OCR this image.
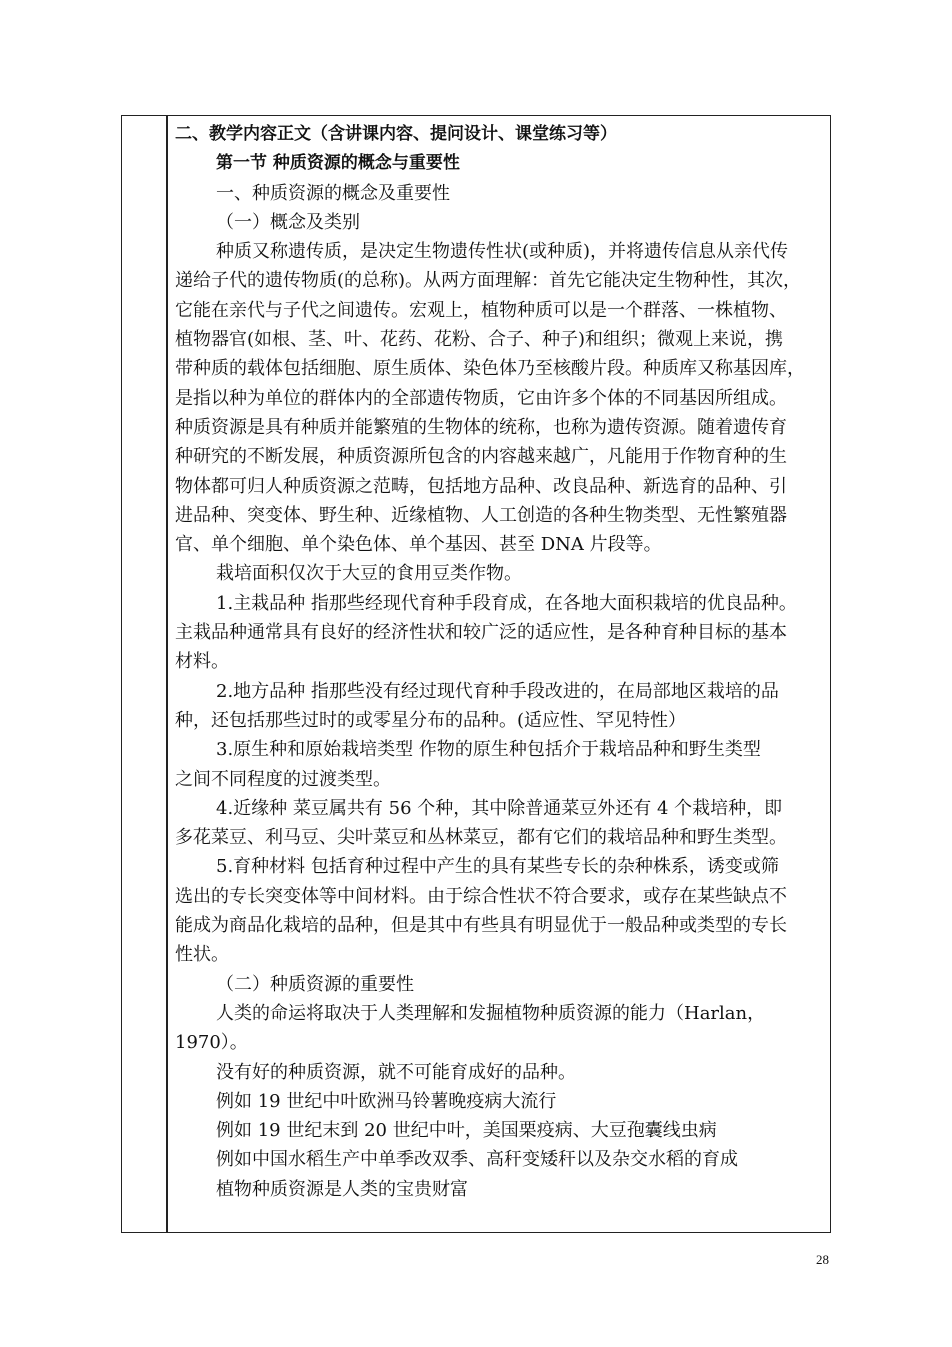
二、教学内容正文（含讲课内容、提问设计、课堂练习等）

第一节 种质资源的概念与重要性

一、种质资源的概念及重要性

（一）概念及类别

种质又称遗传质，是决定生物遗传性状(或种质)，并将遗传信息从亲代传

递给子代的遗传物质(的总称)。从两方面理解：首先它能决定生物种性，其次，

它能在亲代与子代之间遗传。宏观上，植物种质可以是一个群落、一株植物、

植物器官(如根、茎、叶、花药、花粉、合子、种子)和组织；微观上来说，携

带种质的载体包括细胞、原生质体、染色体乃至核酸片段。种质库又称基因库，

是指以种为单位的群体内的全部遗传物质，它由许多个体的不同基因所组成。

种质资源是具有种质并能繁殖的生物体的统称，也称为遗传资源。随着遗传育

种研究的不断发展，种质资源所包含的内容越来越广，凡能用于作物育种的生

物体都可归人种质资源之范畴，包括地方品种、改良品种、新选育的品种、引

进品种、突变体、野生种、近缘植物、人工创造的各种生物类型、无性繁殖器

官、单个细胞、单个染色体、单个基因、甚至 DNA 片段等。

栽培面积仅次于大豆的食用豆类作物。

1.主栽品种 指那些经现代育种手段育成，在各地大面积栽培的优良品种。

主栽品种通常具有良好的经济性状和较广泛的适应性，是各种育种目标的基本

材料。

2.地方品种 指那些没有经过现代育种手段改进的，在局部地区栽培的品

种，还包括那些过时的或零星分布的品种。(适应性、罕见特性）

3.原生种和原始栽培类型 作物的原生种包括介于栽培品种和野生类型

之间不同程度的过渡类型。

4.近缘种 菜豆属共有 56 个种，其中除普通菜豆外还有 4 个栽培种，即

多花菜豆、利马豆、尖叶菜豆和丛林菜豆，都有它们的栽培品种和野生类型。

5.育种材料 包括育种过程中产生的具有某些专长的杂种株系，诱变或筛

选出的专长突变体等中间材料。由于综合性状不符合要求，或存在某些缺点不

能成为商品化栽培的品种，但是其中有些具有明显优于一般品种或类型的专长

性状。

（二）种质资源的重要性

人类的命运将取决于人类理解和发掘植物种质资源的能力（Harlan，

1970）。

没有好的种质资源，就不可能育成好的品种。

例如 19 世纪中叶欧洲马铃薯晚疫病大流行

例如 19 世纪末到 20 世纪中叶，美国栗疫病、大豆孢囊线虫病

例如中国水稻生产中单季改双季、高秆变矮秆以及杂交水稻的育成

植物种质资源是人类的宝贵财富

28
